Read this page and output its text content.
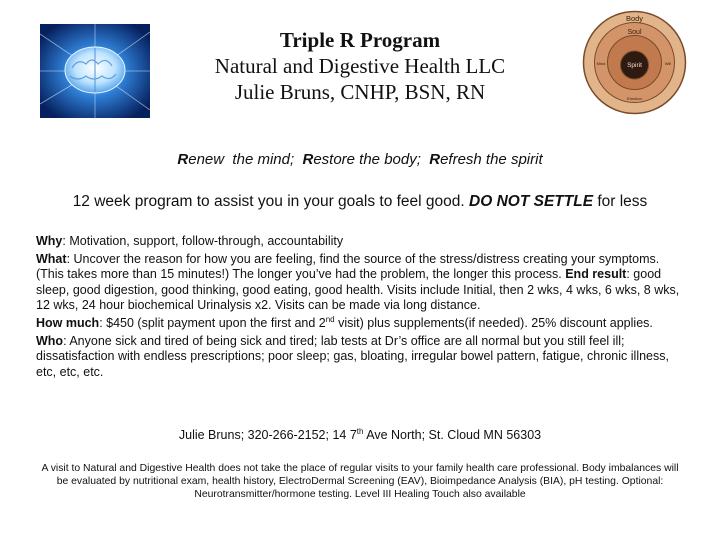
Body
Soul
Spirit
Mind	Will
Emotion
Triple R Program
Natural and Digestive Health LLC
Julie Bruns, CNHP, BSN, RN
Renew  the mind;  Restore the body;  Refresh the spirit
12 week program to assist you in your goals to feel good. DO NOT SETTLE for less

Why: Motivation, support, follow-through, accountability

What: Uncover the reason for how you are feeling, find the source of the stress/distress creating your symptoms. (This takes more than 15 minutes!) The longer you’ve had the problem, the longer this process. End result: good sleep, good digestion, good thinking, good eating, good health. Visits include Initial, then 2 wks, 4 wks, 6 wks, 8 wks, 12 wks, 24 hour biochemical Urinalysis x2. Visits can be made via long distance.

How much: $450 (split payment upon the first and 2nd visit) plus supplements(if needed). 25% discount applies.

Who: Anyone sick and tired of being sick and tired; lab tests at Dr’s office are all normal but you still feel ill; dissatisfaction with endless prescriptions; poor sleep; gas, bloating, irregular bowel pattern, fatigue, chronic illness, etc, etc, etc.

Julie Bruns; 320-266-2152; 14 7th Ave North; St. Cloud MN 56303
A visit to Natural and Digestive Health does not take the place of regular visits to your family health care professional. Body imbalances will be evaluated by nutritional exam, health history, ElectroDermal Screening (EAV), Bioimpedance Analysis (BIA), pH testing. Optional: Neurotransmitter/hormone testing. Level III Healing Touch also available
